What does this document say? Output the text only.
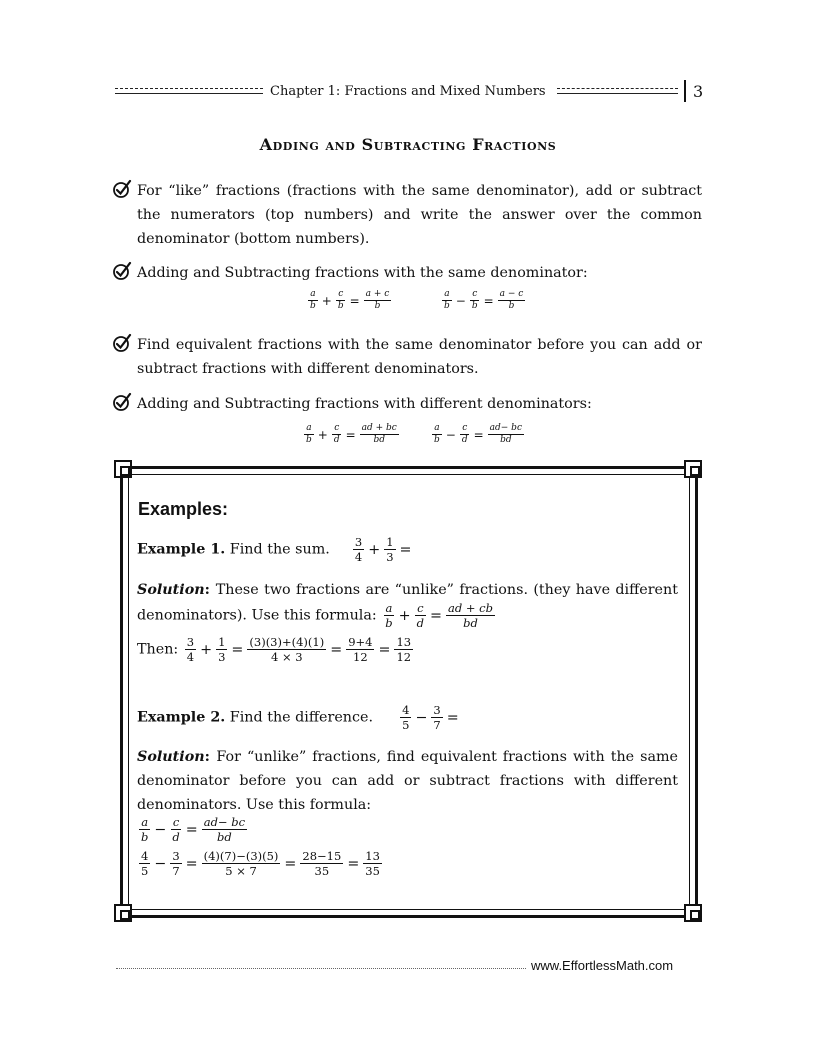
Chapter 1: Fractions and Mixed Numbers	3
Adding and Subtracting Fractions
For “like” fractions (fractions with the same denominator), add or subtract the numerators (top numbers) and write the answer over the common denominator (bottom numbers).
Adding and Subtracting fractions with the same denominator:
$\frac{a}{b} + \frac{c}{b} = \frac{a + c}{b}$	$\frac{a}{b} - \frac{c}{b} = \frac{a - c}{b}$
Find equivalent fractions with the same denominator before you can add or subtract fractions with different denominators.
Adding and Subtracting fractions with different denominators:
$\frac{a}{b} + \frac{c}{d} = \frac{ad + bc}{bd}$	$\frac{a}{b} - \frac{c}{d} = \frac{ad- bc}{bd}$
Examples:
Example 1. Find the sum. $\frac{3}{4} + \frac{1}{3}$ =
Solution: These two fractions are “unlike” fractions. (they have different denominators). Use this formula: $\frac{a}{b} + \frac{c}{d} = \frac{ad + cb}{bd}$
Then: $\frac{3}{4} + \frac{1}{3} = \frac{(3)(3)+(4)(1)}{4 \times 3} = \frac{9+4}{12} = \frac{13}{12}$
Example 2. Find the difference. $\frac{4}{5} - \frac{3}{7}$ =
Solution: For “unlike” fractions, find equivalent fractions with the same denominator before you can add or subtract fractions with different denominators. Use this formula:
$\frac{a}{b} - \frac{c}{d} = \frac{ad- bc}{bd}$
$\frac{4}{5} - \frac{3}{7} = \frac{(4)(7)-(3)(5)}{5 \times 7} = \frac{28-15}{35} = \frac{13}{35}$
www.EffortlessMath.com
